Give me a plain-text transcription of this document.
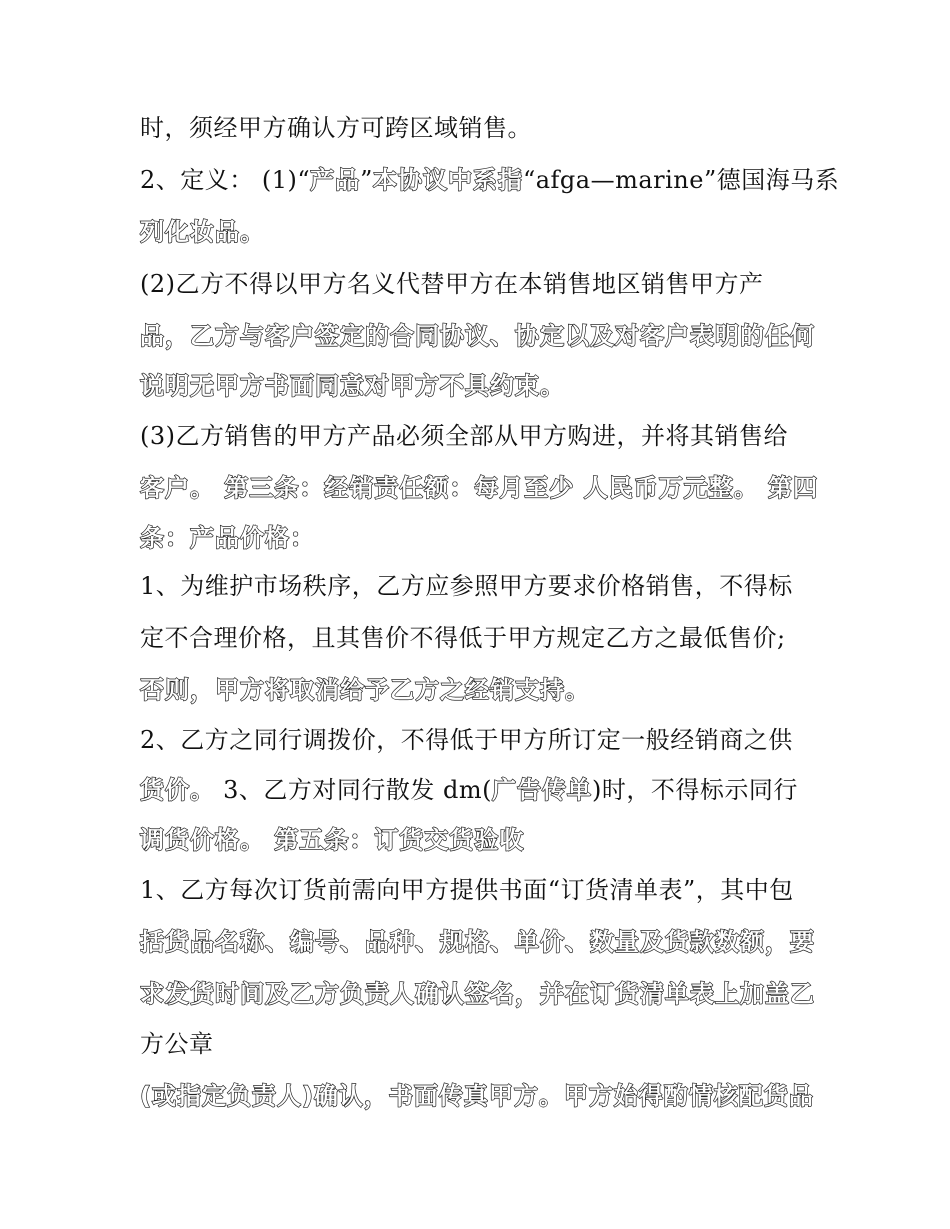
时，须经甲方确认方可跨区域销售。
2、定义： (1)“产品”本协议中系指“afga—marine”德国海马系
列化妆品。
(2)乙方不得以甲方名义代替甲方在本销售地区销售甲方产
品，乙方与客户签定的合同协议、协定以及对客户表明的任何
说明无甲方书面同意对甲方不具约束。
(3)乙方销售的甲方产品必须全部从甲方购进，并将其销售给
客户。 第三条：经销责任额：每月至少 人民币万元整。 第四
条：产品价格：
1、为维护市场秩序，乙方应参照甲方要求价格销售，不得标
定不合理价格，且其售价不得低于甲方规定乙方之最低售价;
否则，甲方将取消给予乙方之经销支持。
2、乙方之同行调拨价，不得低于甲方所订定一般经销商之供
货价。 3、乙方对同行散发 dm(广告传单)时，不得标示同行
调货价格。 第五条：订货交货验收
1、乙方每次订货前需向甲方提供书面“订货清单表”，其中包
括货品名称、编号、品种、规格、单价、数量及货款数额，要
求发货时间及乙方负责人确认签名，并在订货清单表上加盖乙
方公章
(或指定负责人)确认，书面传真甲方。甲方始得酌情核配货品
